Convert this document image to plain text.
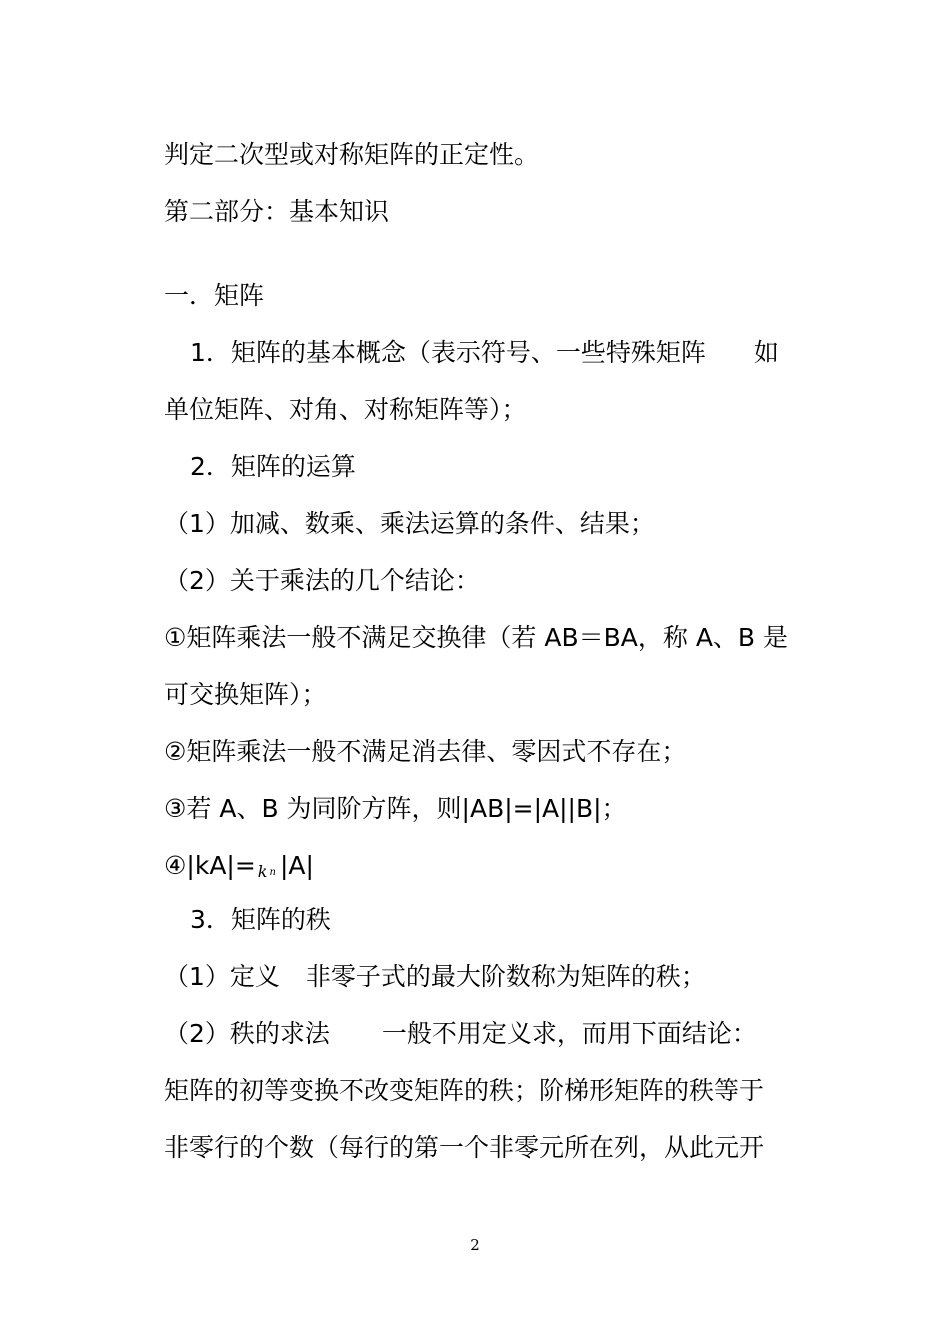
判定二次型或对称矩阵的正定性。
第二部分：基本知识
一．矩阵
1．矩阵的基本概念（表示符号、一些特殊矩阵 如
单位矩阵、对角、对称矩阵等）；
2．矩阵的运算
（1）加减、数乘、乘法运算的条件、结果；
（2）关于乘法的几个结论：
①矩阵乘法一般不满足交换律（若 AB＝BA，称 A、B 是
可交换矩阵）；
②矩阵乘法一般不满足消去律、零因式不存在；
③若 A、B 为同阶方阵，则|AB|=|A||B|；
④|kA|= k n |A|
3．矩阵的秩
（1）定义 非零子式的最大阶数称为矩阵的秩；
（2）秩的求法 一般不用定义求，而用下面结论：
矩阵的初等变换不改变矩阵的秩；阶梯形矩阵的秩等于
非零行的个数（每行的第一个非零元所在列，从此元开
2
